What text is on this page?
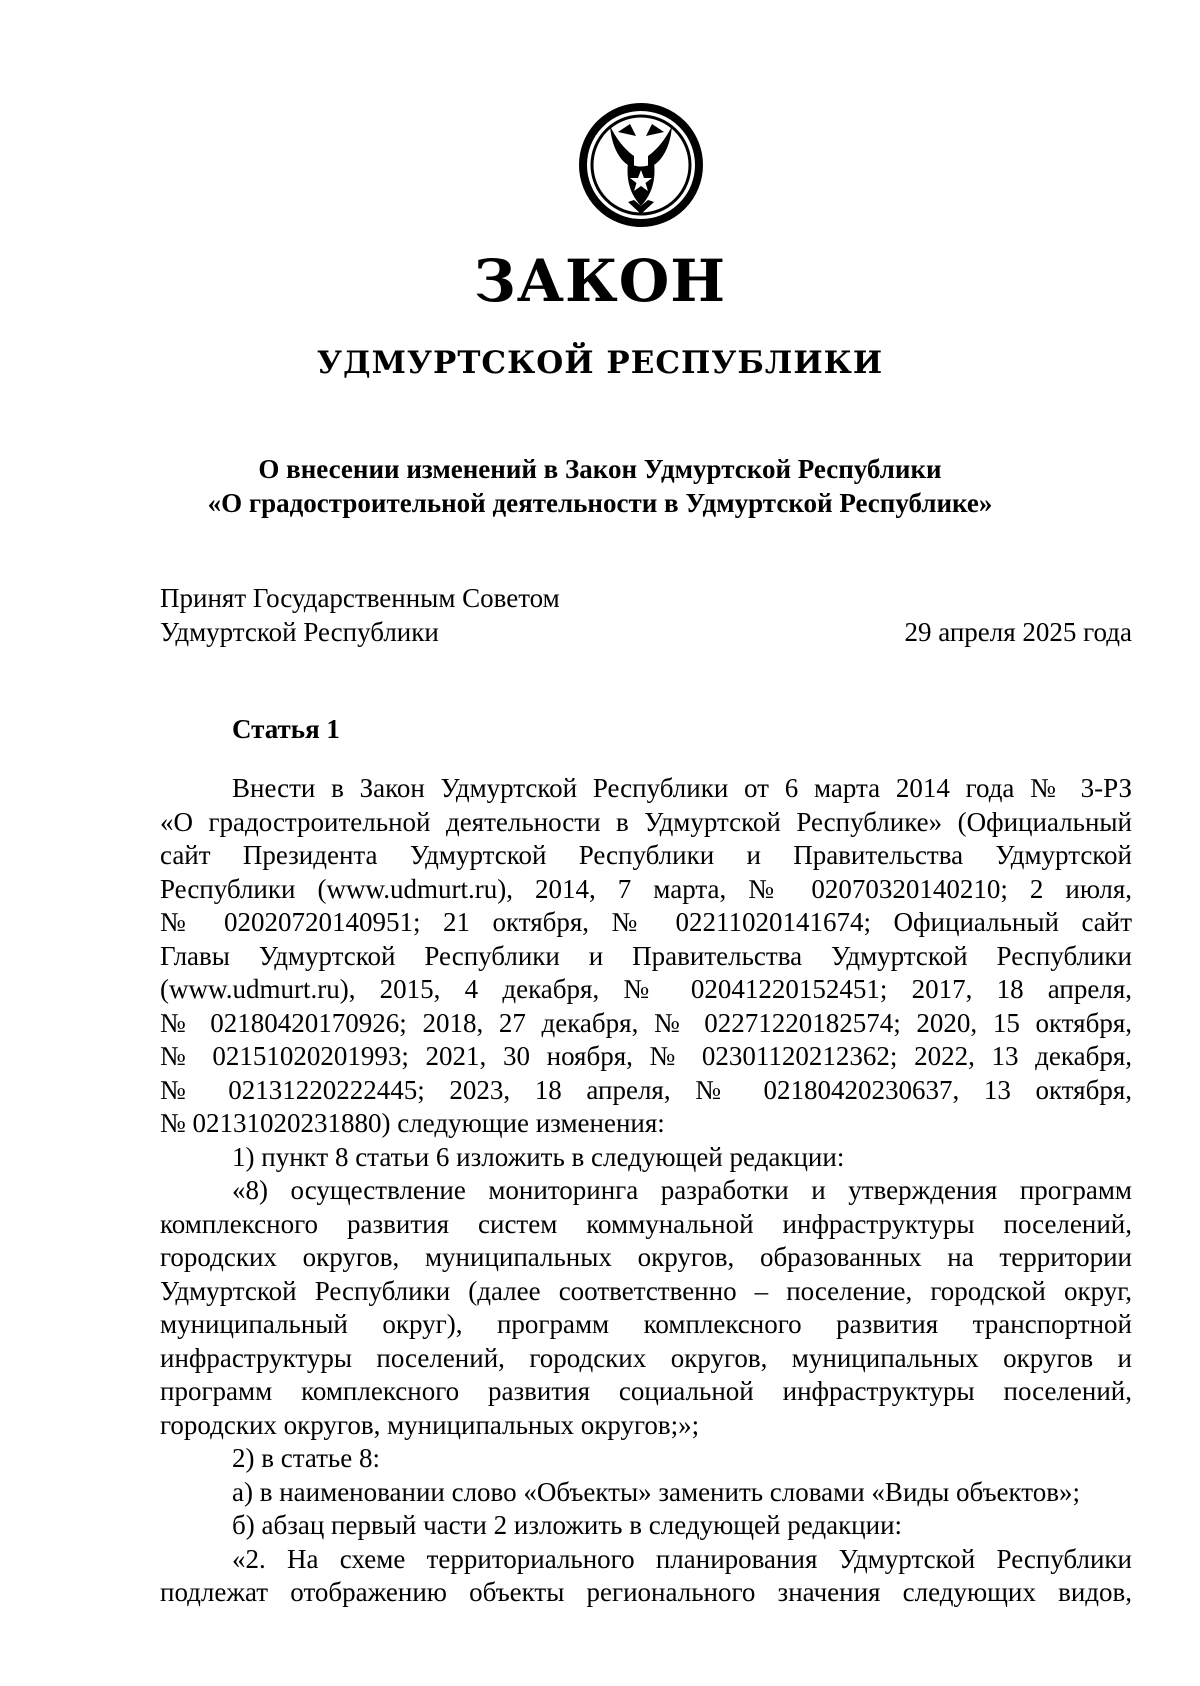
ЗАКОН
УДМУРТСКОЙ РЕСПУБЛИКИ
О внесении изменений в Закон Удмуртской Республики
«О градостроительной деятельности в Удмуртской Республике»
Принят Государственным Советом
Удмуртской Республики	29 апреля 2025 года
Статья 1
Внести в Закон Удмуртской Республики от 6 марта 2014 года № 3-РЗ
«О градостроительной деятельности в Удмуртской Республике» (Официальный
сайт Президента Удмуртской Республики и Правительства Удмуртской
Республики (www.udmurt.ru), 2014, 7 марта, № 02070320140210; 2 июля,
№ 02020720140951; 21 октября, № 02211020141674; Официальный сайт
Главы Удмуртской Республики и Правительства Удмуртской Республики
(www.udmurt.ru), 2015, 4 декабря, № 02041220152451; 2017, 18 апреля,
№ 02180420170926; 2018, 27 декабря, № 02271220182574; 2020, 15 октября,
№ 02151020201993; 2021, 30 ноября, № 02301120212362; 2022, 13 декабря,
№ 02131220222445; 2023, 18 апреля, № 02180420230637, 13 октября,
№ 02131020231880) следующие изменения:
1) пункт 8 статьи 6 изложить в следующей редакции:
«8) осуществление мониторинга разработки и утверждения программ
комплексного развития систем коммунальной инфраструктуры поселений,
городских округов, муниципальных округов, образованных на территории
Удмуртской Республики (далее соответственно – поселение, городской округ,
муниципальный округ), программ комплексного развития транспортной
инфраструктуры поселений, городских округов, муниципальных округов и
программ комплексного развития социальной инфраструктуры поселений,
городских округов, муниципальных округов;»;
2) в статье 8:
а) в наименовании слово «Объекты» заменить словами «Виды объектов»;
б) абзац первый части 2 изложить в следующей редакции:
«2. На схеме территориального планирования Удмуртской Республики
подлежат отображению объекты регионального значения следующих видов,
